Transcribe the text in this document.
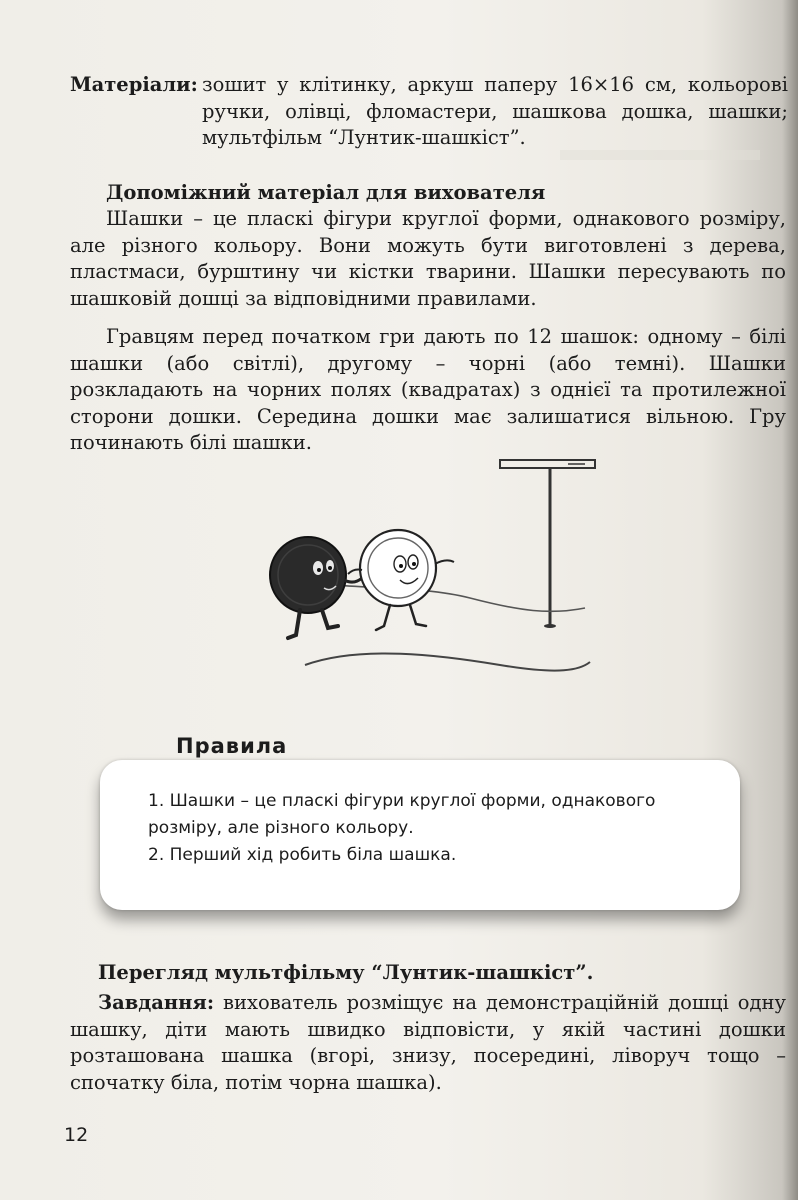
Матеріали: зошит у клітинку, аркуш паперу 16×16 см, кольорові ручки, олівці, фломастери, шашкова дошка, шашки; мультфільм “Лунтик-шашкіст”.
Допоміжний матеріал для вихователя
Шашки – це пласкі фігури круглої форми, однакового розміру, але різного кольору. Вони можуть бути виготовлені з дерева, пластмаси, бурштину чи кістки тварини. Шашки пересувають по шашковій дошці за відповідними правилами.
Гравцям перед початком гри дають по 12 шашок: одному – білі шашки (або світлі), другому – чорні (або темні). Шашки розкладають на чорних полях (квадратах) з однієї та протилежної сторони дошки. Середина дошки має залишатися вільною. Гру починають білі шашки.
Правила
1. Шашки – це пласкі фігури круглої форми, однакового розміру, але різного кольору.
2. Перший хід робить біла шашка.
Перегляд мультфільму “Лунтик-шашкіст”.
Завдання: вихователь розміщує на демонстраційній дошці одну шашку, діти мають швидко відповісти, у якій частині дошки розташована шашка (вгорі, знизу, посередині, ліворуч тощо – спочатку біла, потім чорна шашка).
12
